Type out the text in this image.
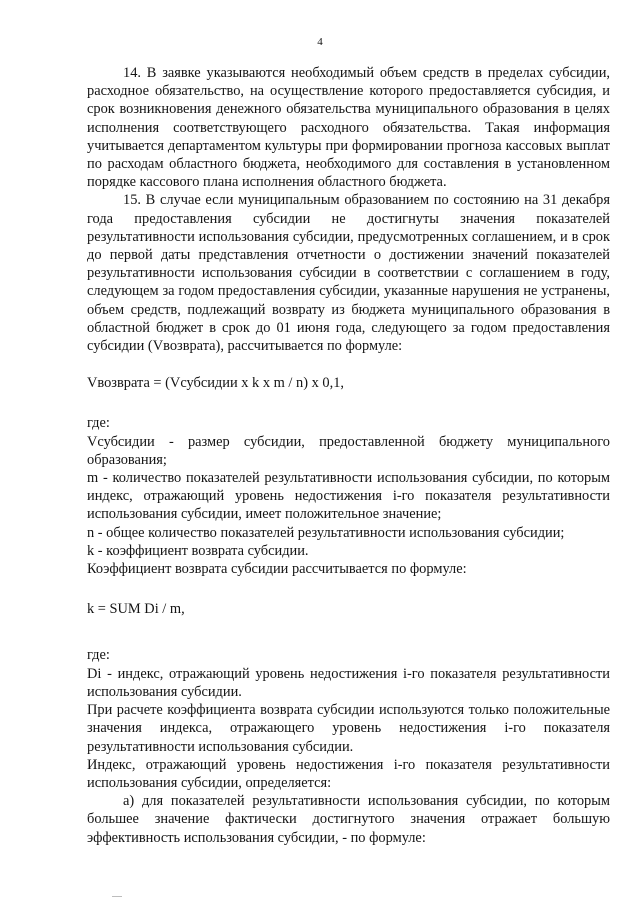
4

14. В заявке указываются необходимый объем средств в пределах субсидии, расходное обязательство, на осуществление которого предоставляется субсидия, и срок возникновения денежного обязательства муниципального образования в целях исполнения соответствующего расходного обязательства. Такая информация учитывается департаментом культуры при формировании прогноза кассовых выплат по расходам областного бюджета, необходимого для составления в установленном порядке кассового плана исполнения областного бюджета.

15. В случае если муниципальным образованием по состоянию на 31 декабря года предоставления субсидии не достигнуты значения показателей результативности использования субсидии, предусмотренных соглашением, и в срок до первой даты представления отчетности о достижении значений показателей результативности использования субсидии в соответствии с соглашением в году, следующем за годом предоставления субсидии, указанные нарушения не устранены, объем средств, подлежащий возврату из бюджета муниципального образования в областной бюджет в срок до 01 июня года, следующего за годом предоставления субсидии (Vвозврата), рассчитывается по формуле:

Vвозврата = (Vсубсидии x k x m / n) x 0,1,

где:

Vсубсидии - размер субсидии, предоставленной бюджету муниципального образования;

m - количество показателей результативности использования субсидии, по которым индекс, отражающий уровень недостижения i-го показателя результативности использования субсидии, имеет положительное значение;

n - общее количество показателей результативности использования субсидии;

k - коэффициент возврата субсидии.

Коэффициент возврата субсидии рассчитывается по формуле:

k = SUM Di / m,

где:

Di - индекс, отражающий уровень недостижения i-го показателя результативности использования субсидии.

При расчете коэффициента возврата субсидии используются только положительные значения индекса, отражающего уровень недостижения i-го показателя результативности использования субсидии.

Индекс, отражающий уровень недостижения i-го показателя результативности использования субсидии, определяется:

а) для показателей результативности использования субсидии, по которым большее значение фактически достигнутого значения отражает большую эффективность использования субсидии, - по формуле:
